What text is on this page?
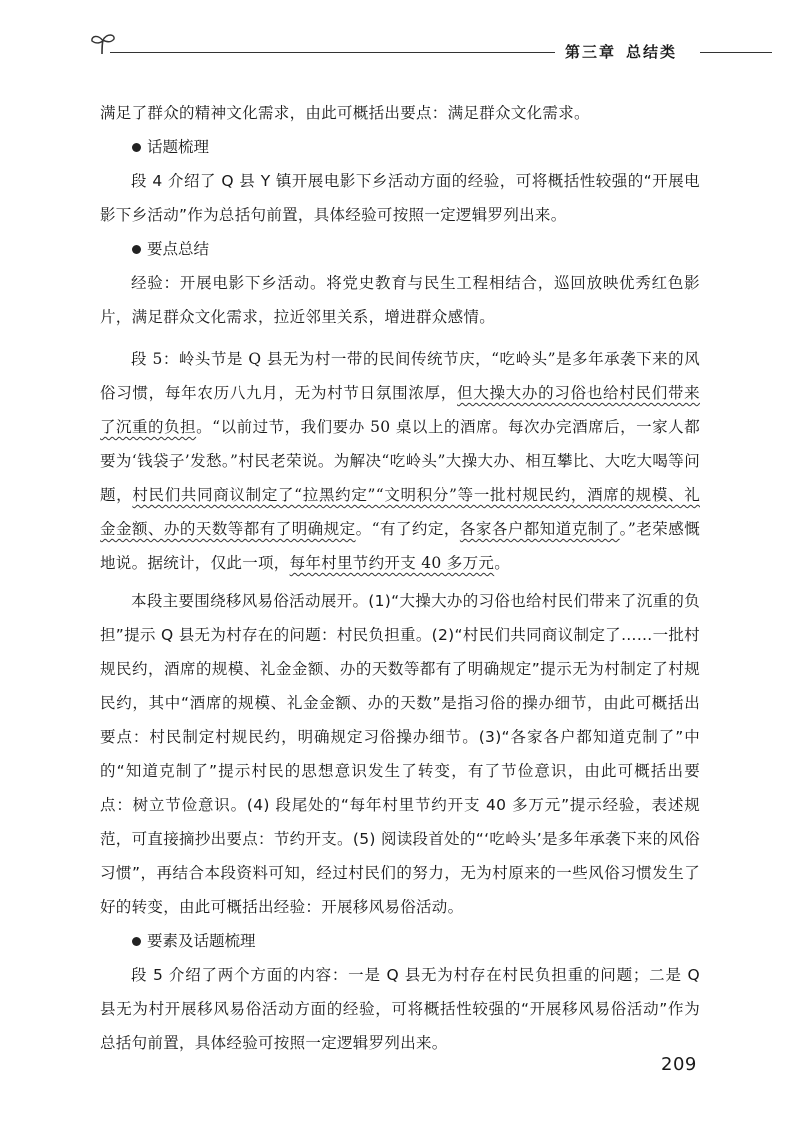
第三章 总结类

满足了群众的精神文化需求，由此可概括出要点：满足群众文化需求。

话题梳理

段 4 介绍了 Q 县 Y 镇开展电影下乡活动方面的经验，可将概括性较强的“开展电影下乡活动”作为总括句前置，具体经验可按照一定逻辑罗列出来。

要点总结

经验：开展电影下乡活动。将党史教育与民生工程相结合，巡回放映优秀红色影片，满足群众文化需求，拉近邻里关系，增进群众感情。

段 5：岭头节是 Q 县无为村一带的民间传统节庆，“吃岭头”是多年承袭下来的风俗习惯，每年农历八九月，无为村节日氛围浓厚，但大操大办的习俗也给村民们带来了沉重的负担。“以前过节，我们要办 50 桌以上的酒席。每次办完酒席后，一家人都要为‘钱袋子’发愁。”村民老荣说。为解决“吃岭头”大操大办、相互攀比、大吃大喝等问题，村民们共同商议制定了“拉黑约定”“文明积分”等一批村规民约，酒席的规模、礼金金额、办的天数等都有了明确规定。“有了约定，各家各户都知道克制了。”老荣感慨地说。据统计，仅此一项，每年村里节约开支 40 多万元。

本段主要围绕移风易俗活动展开。(1)“大操大办的习俗也给村民们带来了沉重的负担”提示 Q 县无为村存在的问题：村民负担重。(2)“村民们共同商议制定了……一批村规民约，酒席的规模、礼金金额、办的天数等都有了明确规定”提示无为村制定了村规民约，其中“酒席的规模、礼金金额、办的天数”是指习俗的操办细节，由此可概括出要点：村民制定村规民约，明确规定习俗操办细节。(3)“各家各户都知道克制了”中的“知道克制了”提示村民的思想意识发生了转变，有了节俭意识，由此可概括出要点：树立节俭意识。(4) 段尾处的“每年村里节约开支 40 多万元”提示经验，表述规范，可直接摘抄出要点：节约开支。(5) 阅读段首处的“‘吃岭头’是多年承袭下来的风俗习惯”，再结合本段资料可知，经过村民们的努力，无为村原来的一些风俗习惯发生了好的转变，由此可概括出经验：开展移风易俗活动。

要素及话题梳理

段 5 介绍了两个方面的内容：一是 Q 县无为村存在村民负担重的问题；二是 Q 县无为村开展移风易俗活动方面的经验，可将概括性较强的“开展移风易俗活动”作为总括句前置，具体经验可按照一定逻辑罗列出来。

209
